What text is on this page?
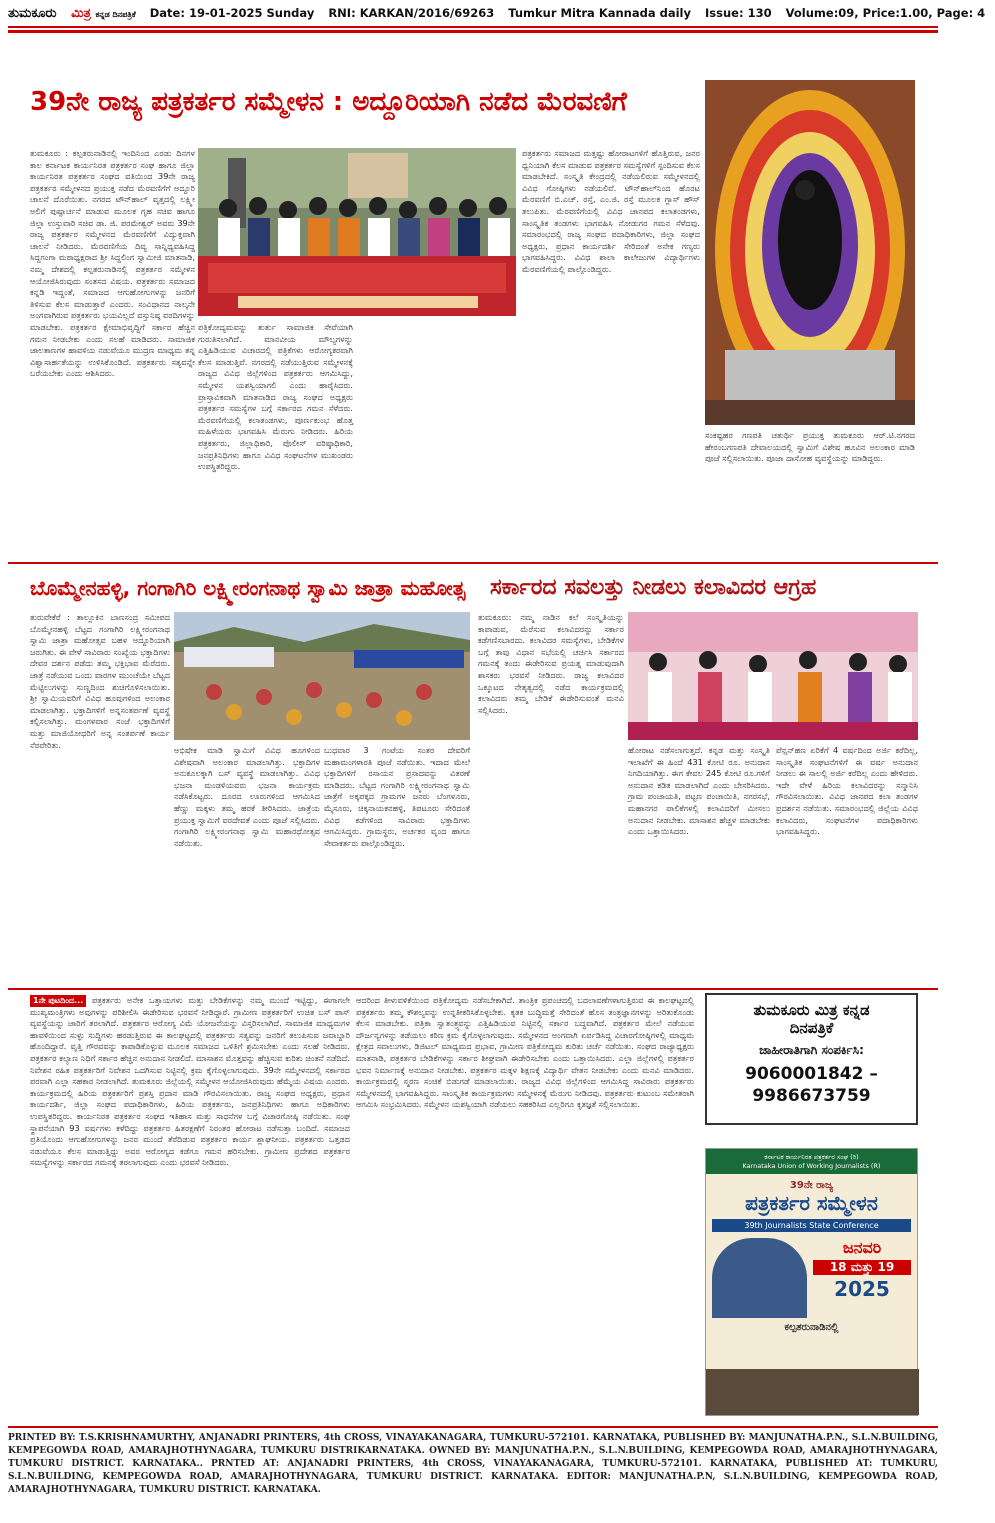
ತುಮಕೂರು ಮಿತ್ರ ಕನ್ನಡ ದಿನಪತ್ರಿಕೆ Date: 19-01-2025 Sunday RNI: KARKAN/2016/69263 Tumkur Mitra Kannada daily Issue: 130 Volume:09, Price:1.00, Page: 4
39ನೇ ರಾಜ್ಯ ಪತ್ರಕರ್ತರ ಸಮ್ಮೇಳನ : ಅದ್ದೂರಿಯಾಗಿ ನಡೆದ ಮೆರವಣಿಗೆ
ತುಮಕೂರು : ಕಲ್ಪತರುನಾಡಿನಲ್ಲಿ ಇಂದಿನಿಂದ ಎರಡು ದಿನಗಳ ಕಾಲ ಕರ್ನಾಟಕ ಕಾರ್ಯನಿರತ ಪತ್ರಕರ್ತರ ಸಂಘ ಹಾಗೂ ಜಿಲ್ಲಾ ಕಾರ್ಯನಿರತ ಪತ್ರಕರ್ತರ ಸಂಘದ ವತಿಯಿಂದ 39ನೇ ರಾಜ್ಯ ಪತ್ರಕರ್ತರ ಸಮ್ಮೇಳನದ ಪ್ರಯುಕ್ತ ನಡೆದ ಮೆರವಣಿಗೆಗೆ ಅದ್ದೂರಿ ಚಾಲನೆ ದೊರೆಯಿತು. ನಗರದ ಟೌನ್‌ಹಾಲ್ ವೃತ್ತದಲ್ಲಿ ಲಕ್ಷ್ಮೀ ಅಲಿಗೆ ಪುಷ್ಪಾರ್ಚನೆ ಮಾಡುವ ಮೂಲಕ ಗೃಹ ಸಚಿವ ಹಾಗೂ ಜಿಲ್ಲಾ ಉಸ್ತುವಾರಿ ಸಚಿವ ಡಾ. ಜಿ. ಪರಮೇಶ್ವರ್ ಅವರು 39ನೇ ರಾಜ್ಯ ಪತ್ರಕರ್ತರ ಸಮ್ಮೇಳನದ ಮೆರವಣಿಗೆಗೆ ವಿದ್ಯುಕ್ತವಾಗಿ ಚಾಲನೆ ನೀಡಿದರು. ಮೆರವಣಿಗೆಯ ದಿವ್ಯ ಸಾನ್ನಿಧ್ಯವಹಿಸಿದ್ದ ಸಿದ್ದಗಂಗಾ ಮಠಾಧ್ಯಕ್ಷರಾದ ಶ್ರೀ ಸಿದ್ದಲಿಂಗ ಸ್ವಾಮೀಜಿ ಮಾತನಾಡಿ, ನಮ್ಮ ದೇಶದಲ್ಲಿ ಕಲ್ಪತರುನಾಡಿನಲ್ಲಿ ಪತ್ರಕರ್ತರ ಸಮ್ಮೇಳನ ಆಯೋಜಿಸಿರುವುದು ಸಂತಸದ ವಿಷಯ. ಪತ್ರಕರ್ತರು ಸಮಾಜದ ಕನ್ನಡಿ ಇದ್ದಂತೆ, ಸಮಾಜದ ಆಗುಹೋಗುಗಳನ್ನು ಜನರಿಗೆ ತಿಳಿಸುವ ಕೆಲಸ ಮಾಡುತ್ತಾರೆ ಎಂದರು. ಸಂವಿಧಾನದ ನಾಲ್ಕನೇ ಅಂಗವಾಗಿರುವ ಪತ್ರಕರ್ತರು ಭಯವಿಲ್ಲದೆ ವಸ್ತುನಿಷ್ಠ ವರದಿಗಳನ್ನು ಮಾಡಬೇಕು. ಪತ್ರಕರ್ತರ ಕ್ಷೇಮಾಭಿವೃದ್ಧಿಗೆ ಸರ್ಕಾರ ಹೆಚ್ಚಿನ ಗಮನ ನೀಡಬೇಕು ಎಂದು ಸಲಹೆ ಮಾಡಿದರು. ಸಾಮಾಜಿಕ ಜಾಲತಾಣಗಳ ಹಾವಳಿಯ ನಡುವೆಯೂ ಮುದ್ರಣ ಮಾಧ್ಯಮ ತನ್ನ ವಿಶ್ವಾಸಾರ್ಹತೆಯನ್ನು ಉಳಿಸಿಕೊಂಡಿದೆ. ಪತ್ರಕರ್ತರು ಸತ್ಯವನ್ನೇ ಬರೆಯಬೇಕು ಎಂದು ಆಶಿಸಿದರು.
ಪತ್ರಿಕೋದ್ಯಮವನ್ನು ತುರ್ತು ಸಾಮಾಜಿಕ ಸೇವೆಯಾಗಿ ಗುರುತಿಸಲಾಗಿದೆ. ಮಾನವೀಯ ಮೌಲ್ಯಗಳನ್ನು ಎತ್ತಿಹಿಡಿಯುವ ವಿಚಾರದಲ್ಲಿ ಪತ್ರಿಕೆಗಳು ಆರೋಗ್ಯಕರವಾಗಿ ಕೆಲಸ ಮಾಡುತ್ತಿವೆ. ನಗರದಲ್ಲಿ ನಡೆಯುತ್ತಿರುವ ಸಮ್ಮೇಳನಕ್ಕೆ ರಾಜ್ಯದ ವಿವಿಧ ಜಿಲ್ಲೆಗಳಿಂದ ಪತ್ರಕರ್ತರು ಆಗಮಿಸಿದ್ದು, ಸಮ್ಮೇಳನ ಯಶಸ್ವಿಯಾಗಲಿ ಎಂದು ಹಾರೈಸಿದರು. ಪ್ರಾಸ್ತಾವಿಕವಾಗಿ ಮಾತನಾಡಿದ ರಾಜ್ಯ ಸಂಘದ ಅಧ್ಯಕ್ಷರು ಪತ್ರಕರ್ತರ ಸಮಸ್ಯೆಗಳ ಬಗ್ಗೆ ಸರ್ಕಾರದ ಗಮನ ಸೆಳೆದರು. ಮೆರವಣಿಗೆಯಲ್ಲಿ ಕಲಾತಂಡಗಳು, ಪೂರ್ಣಕುಂಭ ಹೊತ್ತ ಮಹಿಳೆಯರು ಭಾಗವಹಿಸಿ ಮೆರುಗು ನೀಡಿದರು. ಹಿರಿಯ ಪತ್ರಕರ್ತರು, ಜಿಲ್ಲಾಧಿಕಾರಿ, ಪೊಲೀಸ್ ವರಿಷ್ಠಾಧಿಕಾರಿ, ಜನಪ್ರತಿನಿಧಿಗಳು ಹಾಗೂ ವಿವಿಧ ಸಂಘಟನೆಗಳ ಮುಖಂಡರು ಉಪಸ್ಥಿತರಿದ್ದರು.
ಪತ್ರಕರ್ತರು ಸಮಾಜದ ಮತ್ತಷ್ಟು ಹೋರಾಟಗಳಿಗೆ ಹೊತ್ತಿರುವ, ಜನರ ಧ್ವನಿಯಾಗಿ ಕೆಲಸ ಮಾಡುವ ಪತ್ರಕರ್ತರ ಸಮಸ್ಯೆಗಳಿಗೆ ಸ್ಪಂದಿಸುವ ಕೆಲಸ ಮಾಡಬೇಕಿದೆ. ಸಂಸ್ಕೃತಿ ಕೇಂದ್ರದಲ್ಲಿ ನಡೆಯಲಿರುವ ಸಮ್ಮೇಳನದಲ್ಲಿ ವಿವಿಧ ಗೋಷ್ಠಿಗಳು ನಡೆಯಲಿವೆ. ಟೌನ್‌ಹಾಲ್‌ನಿಂದ ಹೊರಟ ಮೆರವಣಿಗೆ ಬಿ.ಎಚ್. ರಸ್ತೆ, ಎಂ.ಜಿ. ರಸ್ತೆ ಮೂಲಕ ಗ್ಲಾಸ್ ಹೌಸ್ ತಲುಪಿತು. ಮೆರವಣಿಗೆಯಲ್ಲಿ ವಿವಿಧ ಜಾನಪದ ಕಲಾತಂಡಗಳು, ಸಾಂಸ್ಕೃತಿಕ ತಂಡಗಳು ಭಾಗವಹಿಸಿ ನೋಡುಗರ ಗಮನ ಸೆಳೆದವು. ಸಮಾರಂಭದಲ್ಲಿ ರಾಜ್ಯ ಸಂಘದ ಪದಾಧಿಕಾರಿಗಳು, ಜಿಲ್ಲಾ ಸಂಘದ ಅಧ್ಯಕ್ಷರು, ಪ್ರಧಾನ ಕಾರ್ಯದರ್ಶಿ ಸೇರಿದಂತೆ ಅನೇಕ ಗಣ್ಯರು ಭಾಗವಹಿಸಿದ್ದರು. ವಿವಿಧ ಶಾಲಾ ಕಾಲೇಜುಗಳ ವಿದ್ಯಾರ್ಥಿಗಳು ಮೆರವಣಿಗೆಯಲ್ಲಿ ಪಾಲ್ಗೊಂಡಿದ್ದರು.
ಸಂಕಷ್ಟಹರ ಗಣಪತಿ ಚತುರ್ಥಿ ಪ್ರಯುಕ್ತ ತುಮಕೂರು ಆರ್.ಟಿ.ನಗರದ ಹೇರಂಬಗಣಪತಿ ದೇವಾಲಯದಲ್ಲಿ ಸ್ವಾಮಿಗೆ ವಿಶೇಷ ಹೂವಿನ ಅಲಂಕಾರ ಮಾಡಿ ಪೂಜೆ ಸಲ್ಲಿಸಲಾಯಿತು. ಪೂಜಾ ದಾಸೋಹ ವ್ಯವಸ್ಥೆಯನ್ನು ಮಾಡಿದ್ದರು.
ಬೊಮ್ಮೇನಹಳ್ಳಿ, ಗಂಗಾಗಿರಿ ಲಕ್ಷ್ಮೀರಂಗನಾಥ ಸ್ವಾಮಿ ಜಾತ್ರಾ ಮಹೋತ್ಸ
ತುರುವೇಕೆರೆ : ತಾಲ್ಲೂಕಿನ ಬಾಣಸಂದ್ರ ಸಮೀಪದ ಬೊಮ್ಮೇನಹಳ್ಳಿ ಬೆಟ್ಟದ ಗಂಗಾಗಿರಿ ಲಕ್ಷ್ಮೀರಂಗನಾಥ ಸ್ವಾಮಿ ಜಾತ್ರಾ ಮಹೋತ್ಸವ ಬಹಳ ಅದ್ದೂರಿಯಾಗಿ ಜರುಗಿತು. ಈ ವೇಳೆ ಸಾವಿರಾರು ಸಂಖ್ಯೆಯ ಭಕ್ತಾದಿಗಳು ದೇವರ ದರ್ಶನ ಪಡೆದು ತಮ್ಮ ಭಕ್ತಿಭಾವ ಮೆರೆದರು. ಜಾತ್ರೆ ನಡೆಯುವ ಒಂದು ವಾರಗಳ ಮುಂಚೆಯೇ ಬೆಟ್ಟದ ಮೆಟ್ಟಿಲುಗಳನ್ನು ಸುಣ್ಣದಿಂದ ಶುಚಿಗೊಳಿಸಲಾಯಿತು. ಶ್ರೀ ಸ್ವಾಮಿಯವರಿಗೆ ವಿವಿಧ ಹೂವುಗಳಿಂದ ಅಲಂಕಾರ ಮಾಡಲಾಗಿತ್ತು. ಭಕ್ತಾದಿಗಳಿಗೆ ಅನ್ನಸಂತರ್ಪಣೆ ವ್ಯವಸ್ಥೆ ಕಲ್ಪಿಸಲಾಗಿತ್ತು. ಮಂಗಳವಾರ ಸಂಜೆ ಭಕ್ತಾದಿಗಳಿಗೆ ಮತ್ತು ಮಾಜಿಯೋಧರಿಗೆ ಅನ್ನ ಸಂತರ್ಪಣೆ ಕಾರ್ಯ ನೆರವೇರಿತು.
ಅಭಿಷೇಕ ಮಾಡಿ ಸ್ವಾಮಿಗೆ ವಿವಿಧ ಹೂಗಳಿಂದ ವಿಶೇಷವಾಗಿ ಅಲಂಕಾರ ಮಾಡಲಾಗಿತ್ತು. ಭಕ್ತಾದಿಗಳ ಅನುಕೂಲಕ್ಕಾಗಿ ಬಸ್ ವ್ಯವಸ್ಥೆ ಮಾಡಲಾಗಿತ್ತು. ವಿವಿಧ ಭಜನಾ ಮಂಡಳಿಯವರು ಭಜನಾ ಕಾರ್ಯಕ್ರಮ ನಡೆಸಿಕೊಟ್ಟರು. ದೂರದ ಊರುಗಳಿಂದ ಆಗಮಿಸಿದ ಹೆಣ್ಣು ಮಕ್ಕಳು ತಮ್ಮ ಹರಕೆ ತೀರಿಸಿದರು. ಜಾತ್ರೆಯ ಪ್ರಯುಕ್ತ ಸ್ವಾಮಿಗೆ ವರದೇವತೆ ಎಂದು ಪೂಜೆ ಸಲ್ಲಿಸಿದರು. ಗಂಗಾಗಿರಿ ಲಕ್ಷ್ಮೀರಂಗನಾಥ ಸ್ವಾಮಿ ಮಹಾರಥೋತ್ಸವ ನಡೆಯಿತು.
ಬುಧವಾರ 3 ಗಂಟೆಯ ಸಂತರ ದೇವರಿಗೆ ಮಹಾಮಂಗಳಾರತಿ ಪೂಜೆ ನಡೆಯಿತು. ಇದಾದ ಮೇಲೆ ಭಕ್ತಾದಿಗಳಿಗೆ ರಸಾಯನ ಪ್ರಸಾದವನ್ನು ವಿತರಣೆ ಮಾಡಿದರು. ಬೆಟ್ಟದ ಗಂಗಾಗಿರಿ ಲಕ್ಷ್ಮೀರಂಗನಾಥ ಸ್ವಾಮಿ ಜಾತ್ರೆಗೆ ಅಕ್ಕಪಕ್ಕದ ಗ್ರಾಮಗಳ ಜನರು ಬೆಂಗಳೂರು, ಮೈಸೂರು, ಚಿಕ್ಕನಾಯಕನಹಳ್ಳಿ, ತಿಪಟೂರು ಸೇರಿದಂತೆ ವಿವಿಧ ಕಡೆಗಳಿಂದ ಸಾವಿರಾರು ಭಕ್ತಾದಿಗಳು ಆಗಮಿಸಿದ್ದರು. ಗ್ರಾಮಸ್ಥರು, ಅರ್ಚಕರ ವೃಂದ ಹಾಗೂ ಸೇವಾಕರ್ತರು ಪಾಲ್ಗೊಂಡಿದ್ದರು.
ಸರ್ಕಾರದ ಸವಲತ್ತು ನೀಡಲು ಕಲಾವಿದರ ಆಗ್ರಹ
ತುಮಕೂರು: ನಮ್ಮ ನಾಡಿನ ಕಲೆ ಸಂಸ್ಕೃತಿಯನ್ನು ಕಾಪಾಡುವ, ಮೆರೆಸುವ ಕಲಾವಿದರನ್ನು ಸರ್ಕಾರ ಕಡೆಗಣಿಸಬಾರದು. ಕಲಾವಿದರ ಸಮಸ್ಯೆಗಳು, ಬೇಡಿಕೆಗಳ ಬಗ್ಗೆ ತಾವು ವಿಧಾನ ಸಭೆಯಲ್ಲಿ ಚರ್ಚಿಸಿ ಸರ್ಕಾರದ ಗಮನಕ್ಕೆ ತಂದು ಈಡೇರಿಸುವ ಪ್ರಯತ್ನ ಮಾಡುವುದಾಗಿ ಶಾಸಕರು ಭರವಸೆ ನೀಡಿದರು. ರಾಜ್ಯ ಕಲಾವಿದರ ಒಕ್ಕೂಟದ ನೇತೃತ್ವದಲ್ಲಿ ನಡೆದ ಕಾರ್ಯಕ್ರಮದಲ್ಲಿ ಕಲಾವಿದರು ತಮ್ಮ ಬೇಡಿಕೆ ಈಡೇರಿಸುವಂತೆ ಮನವಿ ಸಲ್ಲಿಸಿದರು.
ಹೋರಾಟ ನಡೆಸಲಾಗುತ್ತದೆ. ಕನ್ನಡ ಮತ್ತು ಸಂಸ್ಕೃತಿ ಇಲಾಖೆಗೆ ಈ ಹಿಂದೆ 431 ಕೋಟಿ ರೂ. ಅನುದಾನ ನಿಗದಿಯಾಗಿತ್ತು. ಈಗ ಕೇವಲ 245 ಕೋಟಿ ರೂ.ಗಳಿಗೆ ಅನುದಾನ ಕಡಿತ ಮಾಡಲಾಗಿದೆ ಎಂದು ಬೇಸರಿಸಿದರು. ಗ್ರಾಮ ಪಂಚಾಯತಿ, ಪಟ್ಟಣ ಪಂಚಾಯಿತಿ, ನಗರಸಭೆ, ಮಹಾನಗರ ಪಾಲಿಕೆಗಳಲ್ಲಿ ಕಲಾವಿದರಿಗೆ ಮೀಸಲು ಅನುದಾನ ನೀಡಬೇಕು. ಮಾಸಾಶನ ಹೆಚ್ಚಳ ಮಾಡಬೇಕು ಎಂದು ಒತ್ತಾಯಿಸಿದರು.
ಪೆನ್ಷನ್‌ಹಣ ಏರಿಕೆಗೆ 4 ವರ್ಷದಿಂದ ಅರ್ಜಿ ಕರೆದಿಲ್ಲ, ಸಾಂಸ್ಕೃತಿಕ ಸಂಘಟನೆಗಳಿಗೆ ಈ ವರ್ಷ ಅನುದಾನ ನೀಡಲು ಈ ಸಾಲಲ್ಲಿ ಅರ್ಜಿ ಕರೆದಿಲ್ಲ ಎಂದು ಹೇಳಿದರು. ಇದೇ ವೇಳೆ ಹಿರಿಯ ಕಲಾವಿದರನ್ನು ಸನ್ಮಾನಿಸಿ ಗೌರವಿಸಲಾಯಿತು. ವಿವಿಧ ಜಾನಪದ ಕಲಾ ತಂಡಗಳ ಪ್ರದರ್ಶನ ನಡೆಯಿತು. ಸಮಾರಂಭದಲ್ಲಿ ಜಿಲ್ಲೆಯ ವಿವಿಧ ಕಲಾವಿದರು, ಸಂಘಟನೆಗಳ ಪದಾಧಿಕಾರಿಗಳು ಭಾಗವಹಿಸಿದ್ದರು.
1ನೇ ಪುಟದಿಂದ... ಪತ್ರಕರ್ತರು ಅನೇಕ ಒತ್ತಾಯಗಳು ಮತ್ತು ಬೇಡಿಕೆಗಳನ್ನು ನಮ್ಮ ಮುಂದೆ ಇಟ್ಟಿದ್ದು, ಈಗಾಗಲೇ ಮುಖ್ಯಮಂತ್ರಿಗಳು ಅವುಗಳನ್ನು ಪರಿಶೀಲಿಸಿ ಈಡೇರಿಸುವ ಭರವಸೆ ನೀಡಿದ್ದಾರೆ. ಗ್ರಾಮೀಣ ಪತ್ರಕರ್ತರಿಗೆ ಉಚಿತ ಬಸ್ ಪಾಸ್ ವ್ಯವಸ್ಥೆಯನ್ನು ಜಾರಿಗೆ ತರಲಾಗಿದೆ. ಪತ್ರಕರ್ತರ ಆರೋಗ್ಯ ವಿಮೆ ಯೋಜನೆಯನ್ನು ವಿಸ್ತರಿಸಲಾಗಿದೆ. ಸಾಮಾಜಿಕ ಮಾಧ್ಯಮಗಳ ಹಾವಳಿಯಿಂದ ಸುಳ್ಳು ಸುದ್ದಿಗಳು ಹರಡುತ್ತಿರುವ ಈ ಕಾಲಘಟ್ಟದಲ್ಲಿ ಪತ್ರಕರ್ತರು ಸತ್ಯವನ್ನು ಜನರಿಗೆ ತಲುಪಿಸುವ ಜವಾಬ್ದಾರಿ ಹೊಂದಿದ್ದಾರೆ. ವೃತ್ತಿ ಗೌರವವನ್ನು ಕಾಪಾಡಿಕೊಳ್ಳುವ ಮೂಲಕ ಸಮಾಜದ ಒಳಿತಿಗೆ ಶ್ರಮಿಸಬೇಕು ಎಂದು ಸಲಹೆ ನೀಡಿದರು. ಪತ್ರಕರ್ತರ ಕಲ್ಯಾಣ ನಿಧಿಗೆ ಸರ್ಕಾರ ಹೆಚ್ಚಿನ ಅನುದಾನ ನೀಡಲಿದೆ. ಮಾಸಾಶನ ಮೊತ್ತವನ್ನು ಹೆಚ್ಚಿಸುವ ಕುರಿತು ಚಿಂತನೆ ನಡೆದಿದೆ. ನಿವೇಶನ ರಹಿತ ಪತ್ರಕರ್ತರಿಗೆ ನಿವೇಶನ ಒದಗಿಸುವ ನಿಟ್ಟಿನಲ್ಲಿ ಕ್ರಮ ಕೈಗೊಳ್ಳಲಾಗುವುದು. 39ನೇ ಸಮ್ಮೇಳನದಲ್ಲಿ ಸರ್ಕಾರದ ಪರವಾಗಿ ಎಲ್ಲಾ ಸಹಕಾರ ನೀಡಲಾಗಿದೆ. ತುಮಕೂರು ಜಿಲ್ಲೆಯಲ್ಲಿ ಸಮ್ಮೇಳನ ಆಯೋಜಿಸಿರುವುದು ಹೆಮ್ಮೆಯ ವಿಷಯ ಎಂದರು. ಕಾರ್ಯಕ್ರಮದಲ್ಲಿ ಹಿರಿಯ ಪತ್ರಕರ್ತರಿಗೆ ಪ್ರಶಸ್ತಿ ಪ್ರದಾನ ಮಾಡಿ ಗೌರವಿಸಲಾಯಿತು. ರಾಜ್ಯ ಸಂಘದ ಅಧ್ಯಕ್ಷರು, ಪ್ರಧಾನ ಕಾರ್ಯದರ್ಶಿ, ಜಿಲ್ಲಾ ಸಂಘದ ಪದಾಧಿಕಾರಿಗಳು, ಹಿರಿಯ ಪತ್ರಕರ್ತರು, ಜನಪ್ರತಿನಿಧಿಗಳು ಹಾಗೂ ಅಧಿಕಾರಿಗಳು ಉಪಸ್ಥಿತರಿದ್ದರು. ಕಾರ್ಯನಿರತ ಪತ್ರಕರ್ತರ ಸಂಘದ ಇತಿಹಾಸ ಮತ್ತು ಸಾಧನೆಗಳ ಬಗ್ಗೆ ವಿಚಾರಗೋಷ್ಠಿ ನಡೆಯಿತು. ಸಂಘ ಸ್ಥಾಪನೆಯಾಗಿ 93 ವರ್ಷಗಳು ಕಳೆದಿದ್ದು ಪತ್ರಕರ್ತರ ಹಿತರಕ್ಷಣೆಗೆ ನಿರಂತರ ಹೋರಾಟ ನಡೆಸುತ್ತಾ ಬಂದಿದೆ. ಸಮಾಜದ ಪ್ರತಿಯೊಂದು ಆಗುಹೋಗುಗಳನ್ನು ಜನರ ಮುಂದೆ ತೆರೆದಿಡುವ ಪತ್ರಕರ್ತರ ಕಾರ್ಯ ಶ್ಲಾಘನೀಯ. ಪತ್ರಕರ್ತರು ಒತ್ತಡದ ನಡುವೆಯೂ ಕೆಲಸ ಮಾಡುತ್ತಿದ್ದು ಅವರ ಆರೋಗ್ಯದ ಕಡೆಗೂ ಗಮನ ಹರಿಸಬೇಕು. ಗ್ರಾಮೀಣ ಪ್ರದೇಶದ ಪತ್ರಕರ್ತರ ಸಮಸ್ಯೆಗಳನ್ನು ಸರ್ಕಾರದ ಗಮನಕ್ಕೆ ತರಲಾಗುವುದು ಎಂದು ಭರವಸೆ ನೀಡಿದರು.
ಆದರಿಂದ ತೀಳುವಳಿಕೆಯಿಂದ ಪತ್ರಿಕೋದ್ಯಮ ನಡೆಸಬೇಕಾಗಿದೆ. ತಾಂತ್ರಿಕ ಪ್ರಪಂಚದಲ್ಲಿ ಬದಲಾವಣೆಗಳಾಗುತ್ತಿರುವ ಈ ಕಾಲಘಟ್ಟದಲ್ಲಿ ಪತ್ರಕರ್ತರು ತಮ್ಮ ಕೌಶಲ್ಯವನ್ನು ಉನ್ನತೀಕರಿಸಿಕೊಳ್ಳಬೇಕು. ಕೃತಕ ಬುದ್ಧಿಮತ್ತೆ ಸೇರಿದಂತೆ ಹೊಸ ತಂತ್ರಜ್ಞಾನಗಳನ್ನು ಅರಿತುಕೊಂಡು ಕೆಲಸ ಮಾಡಬೇಕು. ಪತ್ರಿಕಾ ಸ್ವಾತಂತ್ರ್ಯವನ್ನು ಎತ್ತಿಹಿಡಿಯುವ ನಿಟ್ಟಿನಲ್ಲಿ ಸರ್ಕಾರ ಬದ್ಧವಾಗಿದೆ. ಪತ್ರಕರ್ತರ ಮೇಲೆ ನಡೆಯುವ ದೌರ್ಜನ್ಯಗಳನ್ನು ತಡೆಯಲು ಕಠಿಣ ಕ್ರಮ ಕೈಗೊಳ್ಳಲಾಗುವುದು. ಸಮ್ಮೇಳನದ ಅಂಗವಾಗಿ ಏರ್ಪಡಿಸಿದ್ದ ವಿಚಾರಗೋಷ್ಠಿಗಳಲ್ಲಿ ಮಾಧ್ಯಮ ಕ್ಷೇತ್ರದ ಸವಾಲುಗಳು, ಡಿಜಿಟಲ್ ಮಾಧ್ಯಮದ ಪ್ರಭಾವ, ಗ್ರಾಮೀಣ ಪತ್ರಿಕೋದ್ಯಮ ಕುರಿತು ಚರ್ಚೆ ನಡೆಯಿತು. ಸಂಘದ ರಾಜ್ಯಾಧ್ಯಕ್ಷರು ಮಾತನಾಡಿ, ಪತ್ರಕರ್ತರ ಬೇಡಿಕೆಗಳನ್ನು ಸರ್ಕಾರ ಶೀಘ್ರವಾಗಿ ಈಡೇರಿಸಬೇಕು ಎಂದು ಒತ್ತಾಯಿಸಿದರು. ಎಲ್ಲಾ ಜಿಲ್ಲೆಗಳಲ್ಲಿ ಪತ್ರಕರ್ತರ ಭವನ ನಿರ್ಮಾಣಕ್ಕೆ ಅನುದಾನ ನೀಡಬೇಕು. ಪತ್ರಕರ್ತರ ಮಕ್ಕಳ ಶಿಕ್ಷಣಕ್ಕೆ ವಿದ್ಯಾರ್ಥಿ ವೇತನ ನೀಡಬೇಕು ಎಂದು ಮನವಿ ಮಾಡಿದರು. ಕಾರ್ಯಕ್ರಮದಲ್ಲಿ ಸ್ಮರಣ ಸಂಚಿಕೆ ಬಿಡುಗಡೆ ಮಾಡಲಾಯಿತು. ರಾಜ್ಯದ ವಿವಿಧ ಜಿಲ್ಲೆಗಳಿಂದ ಆಗಮಿಸಿದ್ದ ಸಾವಿರಾರು ಪತ್ರಕರ್ತರು ಸಮ್ಮೇಳನದಲ್ಲಿ ಭಾಗವಹಿಸಿದ್ದರು. ಸಾಂಸ್ಕೃತಿಕ ಕಾರ್ಯಕ್ರಮಗಳು ಸಮ್ಮೇಳನಕ್ಕೆ ಮೆರುಗು ನೀಡಿದವು. ಪತ್ರಕರ್ತರು ಕುಟುಂಬ ಸಮೇತರಾಗಿ ಆಗಮಿಸಿ ಸಂಭ್ರಮಿಸಿದರು. ಸಮ್ಮೇಳನ ಯಶಸ್ವಿಯಾಗಿ ನಡೆಯಲು ಸಹಕರಿಸಿದ ಎಲ್ಲರಿಗೂ ಕೃತಜ್ಞತೆ ಸಲ್ಲಿಸಲಾಯಿತು.
ತುಮಕೂರು ಮಿತ್ರ ಕನ್ನಡ
ದಿನಪತ್ರಿಕೆ
ಜಾಹೀರಾತಿಗಾಗಿ ಸಂಪರ್ಕಿಸಿ:
9060001842 –
9986673759
ಕರ್ನಾಟಕ ಕಾರ್ಯನಿರತ ಪತ್ರಕರ್ತರ ಸಂಘ (ರಿ)
Karnataka Union of Working Journalists (R)
39ನೇ ರಾಜ್ಯ
ಪತ್ರಕರ್ತರ ಸಮ್ಮೇಳನ
39th Journalists State Conference
ಜನವರಿ
18 ಮತ್ತು 19
2025
ಕಲ್ಪತರುನಾಡಿನಲ್ಲಿ
PRINTED BY: T.S.KRISHNAMURTHY, ANJANADRI PRINTERS, 4th CROSS, VINAYAKANAGARA, TUMKURU-572101. KARNATAKA, PUBLISHED BY: MANJUNATHA.P.N., S.L.N.BUILDING, KEMPEGOWDA ROAD, AMARAJHOTHYNAGARA, TUMKURU DISTRIKARNATAKA. OWNED BY: MANJUNATHA.P.N., S.L.N.BUILDING, KEMPEGOWDA ROAD, AMARAJHOTHYNAGARA, TUMKURU DISTRICT. KARNATAKA.. PRNTED AT: ANJANADRI PRINTERS, 4th CROSS, VINAYAKANAGARA, TUMKURU-572101. KARNATAKA, PUBLISHED AT: TUMKURU, S.L.N.BUILDING, KEMPEGOWDA ROAD, AMARAJHOTHYNAGARA, TUMKURU DISTRICT. KARNATAKA. EDITOR: MANJUNATHA.P.N, S.L.N.BUILDING, KEMPEGOWDA ROAD, AMARAJHOTHYNAGARA, TUMKURU DISTRICT. KARNATAKA.
